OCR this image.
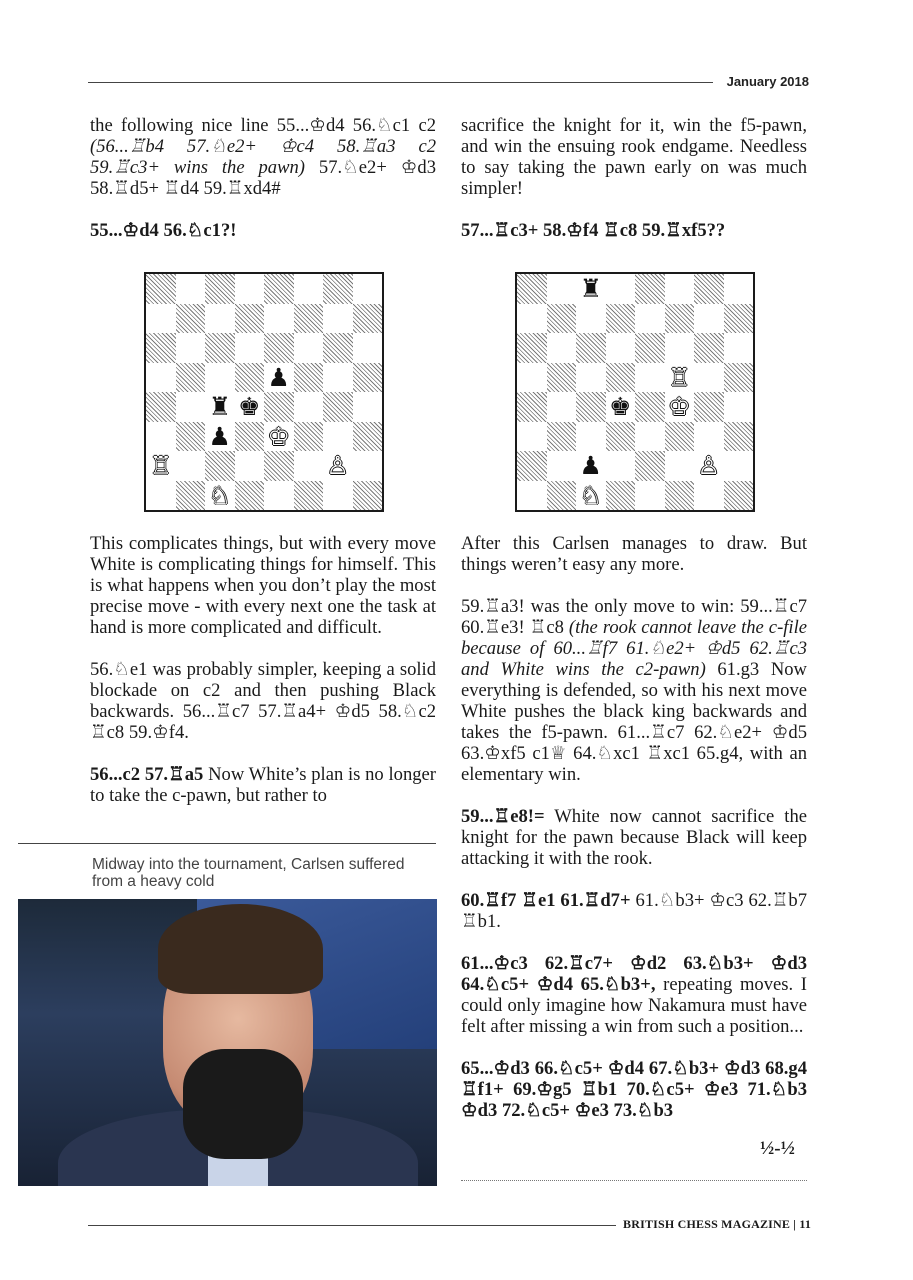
January 2018

the following nice line 55...♔d4 56.♘c1 c2 (56...♖b4 57.♘e2+ ♔c4 58.♖a3 c2 59.♖c3+ wins the pawn) 57.♘e2+ ♔d3 58.♖d5+ ♖d4 59.♖xd4#

55...♔d4 56.♘c1?!

♟
♜ ♚
♟ ♔
♖	♙
♘

This complicates things, but with every move White is complicating things for himself. This is what happens when you don’t play the most precise move - with every next one the task at hand is more complicated and difficult.

56.♘e1 was probably simpler, keeping a solid blockade on c2 and then pushing Black backwards. 56...♖c7 57.♖a4+ ♔d5 58.♘c2 ♖c8 59.♔f4.

56...c2 57.♖a5 Now White’s plan is no longer to take the c-pawn, but rather to

Midway into the tournament, Carlsen suffered from a heavy cold

sacrifice the knight for it, win the f5-pawn, and win the ensuing rook endgame. Needless to say taking the pawn early on was much simpler!

57...♖c3+ 58.♔f4 ♖c8 59.♖xf5??

♜
♖
♚ ♔
♟	♙
♘

After this Carlsen manages to draw. But things weren’t easy any more.

59.♖a3! was the only move to win: 59...♖c7 60.♖e3! ♖c8 (the rook cannot leave the c-file because of 60...♖f7 61.♘e2+ ♔d5 62.♖c3 and White wins the c2-pawn) 61.g3 Now everything is defended, so with his next move White pushes the black king backwards and takes the f5-pawn. 61...♖c7 62.♘e2+ ♔d5 63.♔xf5 c1♕ 64.♘xc1 ♖xc1 65.g4, with an elementary win.

59...♖e8!= White now cannot sacrifice the knight for the pawn because Black will keep attacking it with the rook.

60.♖f7 ♖e1 61.♖d7+ 61.♘b3+ ♔c3 62.♖b7 ♖b1.

61...♔c3 62.♖c7+ ♔d2 63.♘b3+ ♔d3 64.♘c5+ ♔d4 65.♘b3+, repeating moves. I could only imagine how Nakamura must have felt after missing a win from such a position...

65...♔d3 66.♘c5+ ♔d4 67.♘b3+ ♔d3 68.g4 ♖f1+ 69.♔g5 ♖b1 70.♘c5+ ♔e3 71.♘b3 ♔d3 72.♘c5+ ♔e3 73.♘b3

½-½
BRITISH CHESS MAGAZINE | 11
